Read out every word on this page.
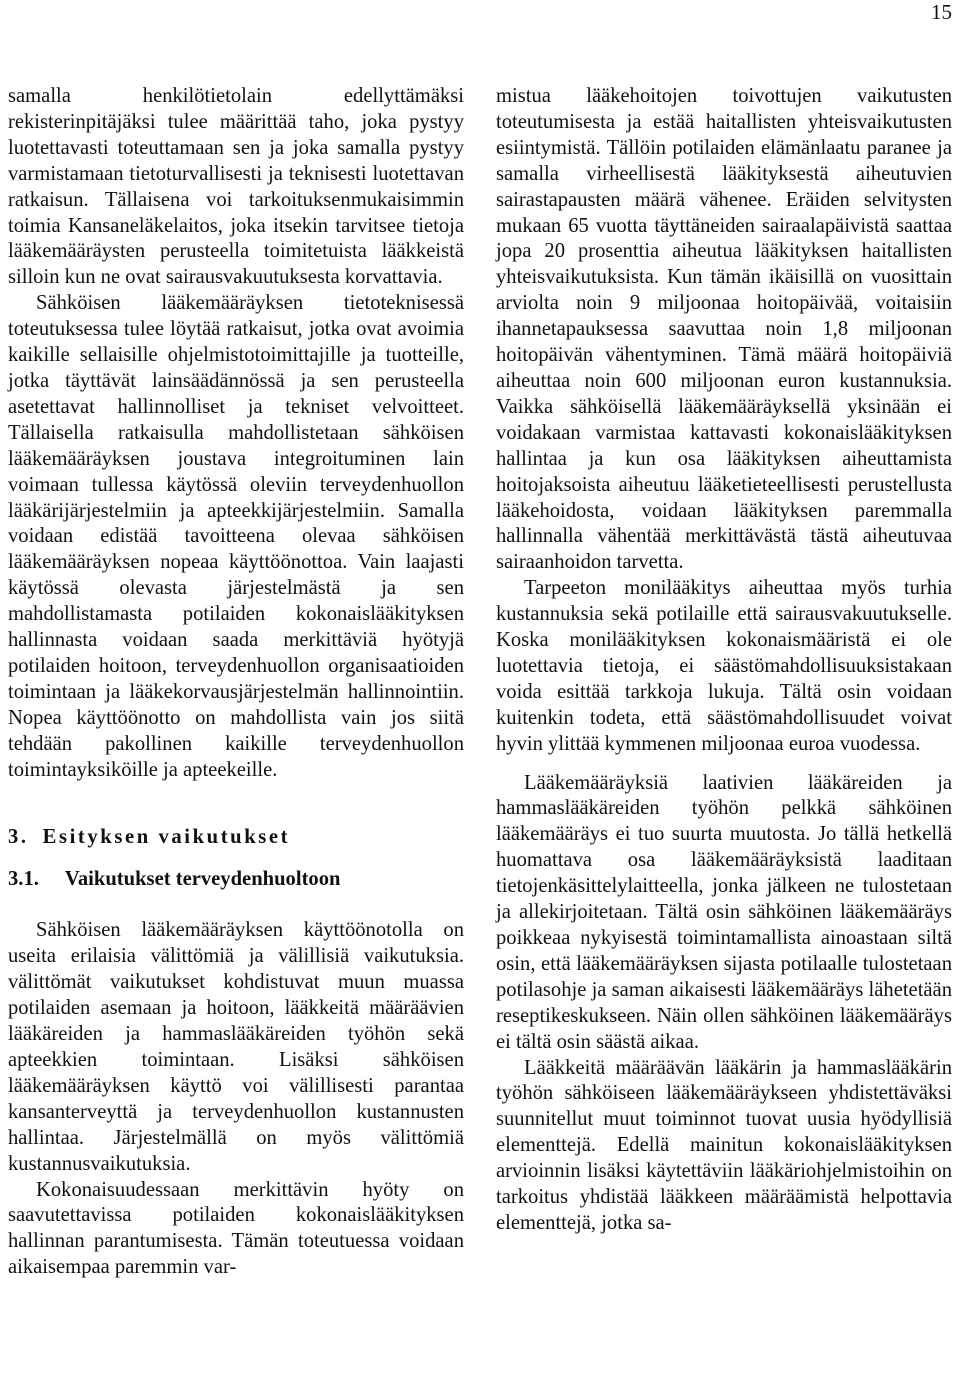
15

samalla henkilötietolain edellyttämäksi rekisterinpitäjäksi tulee määrittää taho, joka pystyy luotettavasti toteuttamaan sen ja joka samalla pystyy varmistamaan tietoturvallisesti ja teknisesti luotettavan ratkaisun. Tällaisena voi tarkoituksenmukaisimmin toimia Kansaneläkelaitos, joka itsekin tarvitsee tietoja lääkemääräysten perusteella toimitetuista lääkkeistä silloin kun ne ovat sairausvakuutuksesta korvattavia.

Sähköisen lääkemääräyksen tietoteknisessä toteutuksessa tulee löytää ratkaisut, jotka ovat avoimia kaikille sellaisille ohjelmistotoimittajille ja tuotteille, jotka täyttävät lainsäädännössä ja sen perusteella asetettavat hallinnolliset ja tekniset velvoitteet. Tällaisella ratkaisulla mahdollistetaan sähköisen lääkemääräyksen joustava integroituminen lain voimaan tullessa käytössä oleviin terveydenhuollon lääkärijärjestelmiin ja apteekkijärjestelmiin. Samalla voidaan edistää tavoitteena olevaa sähköisen lääkemääräyksen nopeaa käyttöönottoa. Vain laajasti käytössä olevasta järjestelmästä ja sen mahdollistamasta potilaiden kokonaislääkityksen hallinnasta voidaan saada merkittäviä hyötyjä potilaiden hoitoon, terveydenhuollon organisaatioiden toimintaan ja lääkekorvausjärjestelmän hallinnointiin. Nopea käyttöönotto on mahdollista vain jos siitä tehdään pakollinen kaikille terveydenhuollon toimintayksiköille ja apteekeille.

3. Esityksen vaikutukset
3.1. Vaikutukset terveydenhuoltoon

Sähköisen lääkemääräyksen käyttöönotolla on useita erilaisia välittömiä ja välillisiä vaikutuksia. välittömät vaikutukset kohdistuvat muun muassa potilaiden asemaan ja hoitoon, lääkkeitä määräävien lääkäreiden ja hammaslääkäreiden työhön sekä apteekkien toimintaan. Lisäksi sähköisen lääkemääräyksen käyttö voi välillisesti parantaa kansanterveyttä ja terveydenhuollon kustannusten hallintaa. Järjestelmällä on myös välittömiä kustannusvaikutuksia.

Kokonaisuudessaan merkittävin hyöty on saavutettavissa potilaiden kokonaislääkityksen hallinnan parantumisesta. Tämän toteutuessa voidaan aikaisempaa paremmin var-

mistua lääkehoitojen toivottujen vaikutusten toteutumisesta ja estää haitallisten yhteisvaikutusten esiintymistä. Tällöin potilaiden elämänlaatu paranee ja samalla virheellisestä lääkityksestä aiheutuvien sairastapausten määrä vähenee. Eräiden selvitysten mukaan 65 vuotta täyttäneiden sairaalapäivistä saattaa jopa 20 prosenttia aiheutua lääkityksen haitallisten yhteisvaikutuksista. Kun tämän ikäisillä on vuosittain arviolta noin 9 miljoonaa hoitopäivää, voitaisiin ihannetapauksessa saavuttaa noin 1,8 miljoonan hoitopäivän vähentyminen. Tämä määrä hoitopäiviä aiheuttaa noin 600 miljoonan euron kustannuksia. Vaikka sähköisellä lääkemääräyksellä yksinään ei voidakaan varmistaa kattavasti kokonaislääkityksen hallintaa ja kun osa lääkityksen aiheuttamista hoitojaksoista aiheutuu lääketieteellisesti perustellusta lääkehoidosta, voidaan lääkityksen paremmalla hallinnalla vähentää merkittävästä tästä aiheutuvaa sairaanhoidon tarvetta.

Tarpeeton monilääkitys aiheuttaa myös turhia kustannuksia sekä potilaille että sairausvakuutukselle. Koska monilääkityksen kokonaismääristä ei ole luotettavia tietoja, ei säästömahdollisuuksistakaan voida esittää tarkkoja lukuja. Tältä osin voidaan kuitenkin todeta, että säästömahdollisuudet voivat hyvin ylittää kymmenen miljoonaa euroa vuodessa.

Lääkemääräyksiä laativien lääkäreiden ja hammaslääkäreiden työhön pelkkä sähköinen lääkemääräys ei tuo suurta muutosta. Jo tällä hetkellä huomattava osa lääkemääräyksistä laaditaan tietojenkäsittelylaitteella, jonka jälkeen ne tulostetaan ja allekirjoitetaan. Tältä osin sähköinen lääkemääräys poikkeaa nykyisestä toimintamallista ainoastaan siltä osin, että lääkemääräyksen sijasta potilaalle tulostetaan potilasohje ja saman aikaisesti lääkemääräys lähetetään reseptikeskukseen. Näin ollen sähköinen lääkemääräys ei tältä osin säästä aikaa.

Lääkkeitä määräävän lääkärin ja hammaslääkärin työhön sähköiseen lääkemääräykseen yhdistettäväksi suunnitellut muut toiminnot tuovat uusia hyödyllisiä elementtejä. Edellä mainitun kokonaislääkityksen arvioinnin lisäksi käytettäviin lääkäriohjelmistoihin on tarkoitus yhdistää lääkkeen määräämistä helpottavia elementtejä, jotka sa-
